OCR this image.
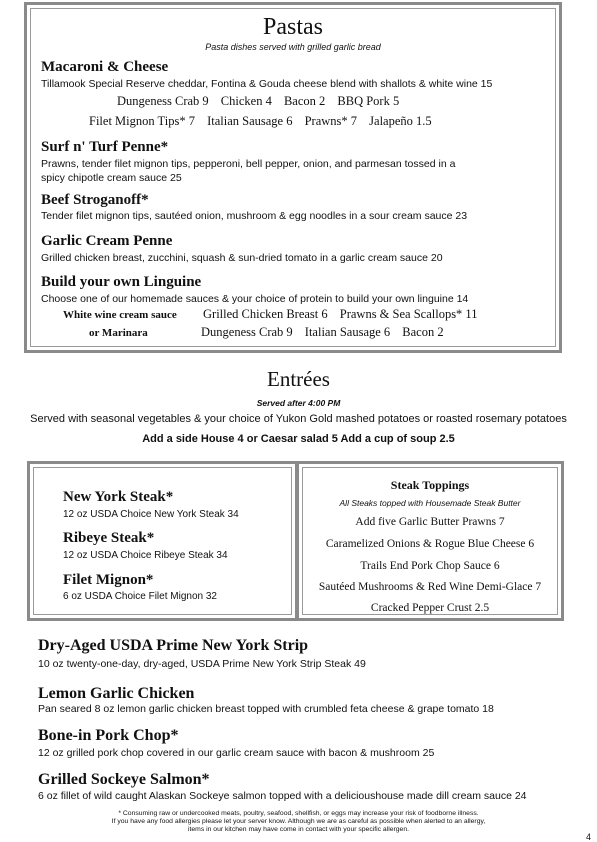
Pastas
Pasta dishes served with grilled garlic bread
Macaroni & Cheese
Tillamook Special Reserve cheddar, Fontina & Gouda cheese blend with shallots & white wine 15
Dungeness Crab 9 Chicken 4 Bacon 2 BBQ Pork 5
Filet Mignon Tips* 7 Italian Sausage 6 Prawns* 7 Jalapeño 1.5
Surf n' Turf Penne*
Prawns, tender filet mignon tips, pepperoni, bell pepper, onion, and parmesan tossed in a
spicy chipotle cream sauce 25
Beef Stroganoff*
Tender filet mignon tips, sautéed onion, mushroom & egg noodles in a sour cream sauce 23
Garlic Cream Penne
Grilled chicken breast, zucchini, squash & sun-dried tomato in a garlic cream sauce 20
Build your own Linguine
Choose one of our homemade sauces & your choice of protein to build your own linguine 14
White wine cream sauce Grilled Chicken Breast 6 Prawns & Sea Scallops* 11
or Marinara	Dungeness Crab 9 Italian Sausage 6 Bacon 2
Entrées
Served after 4:00 PM
Served with seasonal vegetables & your choice of Yukon Gold mashed potatoes or roasted rosemary potatoes
Add a side House 4 or Caesar salad 5 Add a cup of soup 2.5
New York Steak*
12 oz USDA Choice New York Steak 34
Ribeye Steak*
12 oz USDA Choice Ribeye Steak 34
Filet Mignon*
6 oz USDA Choice Filet Mignon 32
Steak Toppings
All Steaks topped with Housemade Steak Butter
Add five Garlic Butter Prawns 7
Caramelized Onions & Rogue Blue Cheese 6
Trails End Pork Chop Sauce 6
Sautéed Mushrooms & Red Wine Demi-Glace 7
Cracked Pepper Crust 2.5
Dry-Aged USDA Prime New York Strip
10 oz twenty-one-day, dry-aged, USDA Prime New York Strip Steak 49
Lemon Garlic Chicken
Pan seared 8 oz lemon garlic chicken breast topped with crumbled feta cheese & grape tomato 18
Bone-in Pork Chop*
12 oz grilled pork chop covered in our garlic cream sauce with bacon & mushroom 25
Grilled Sockeye Salmon*
6 oz fillet of wild caught Alaskan Sockeye salmon topped with a delicioushouse made dill cream sauce 24
* Consuming raw or undercooked meats, poultry, seafood, shellfish, or eggs may increase your risk of foodborne illness.
If you have any food allergies please let your server know. Although we are as careful as possible when alerted to an allergy,
items in our kitchen may have come in contact with your specific allergen.
4
